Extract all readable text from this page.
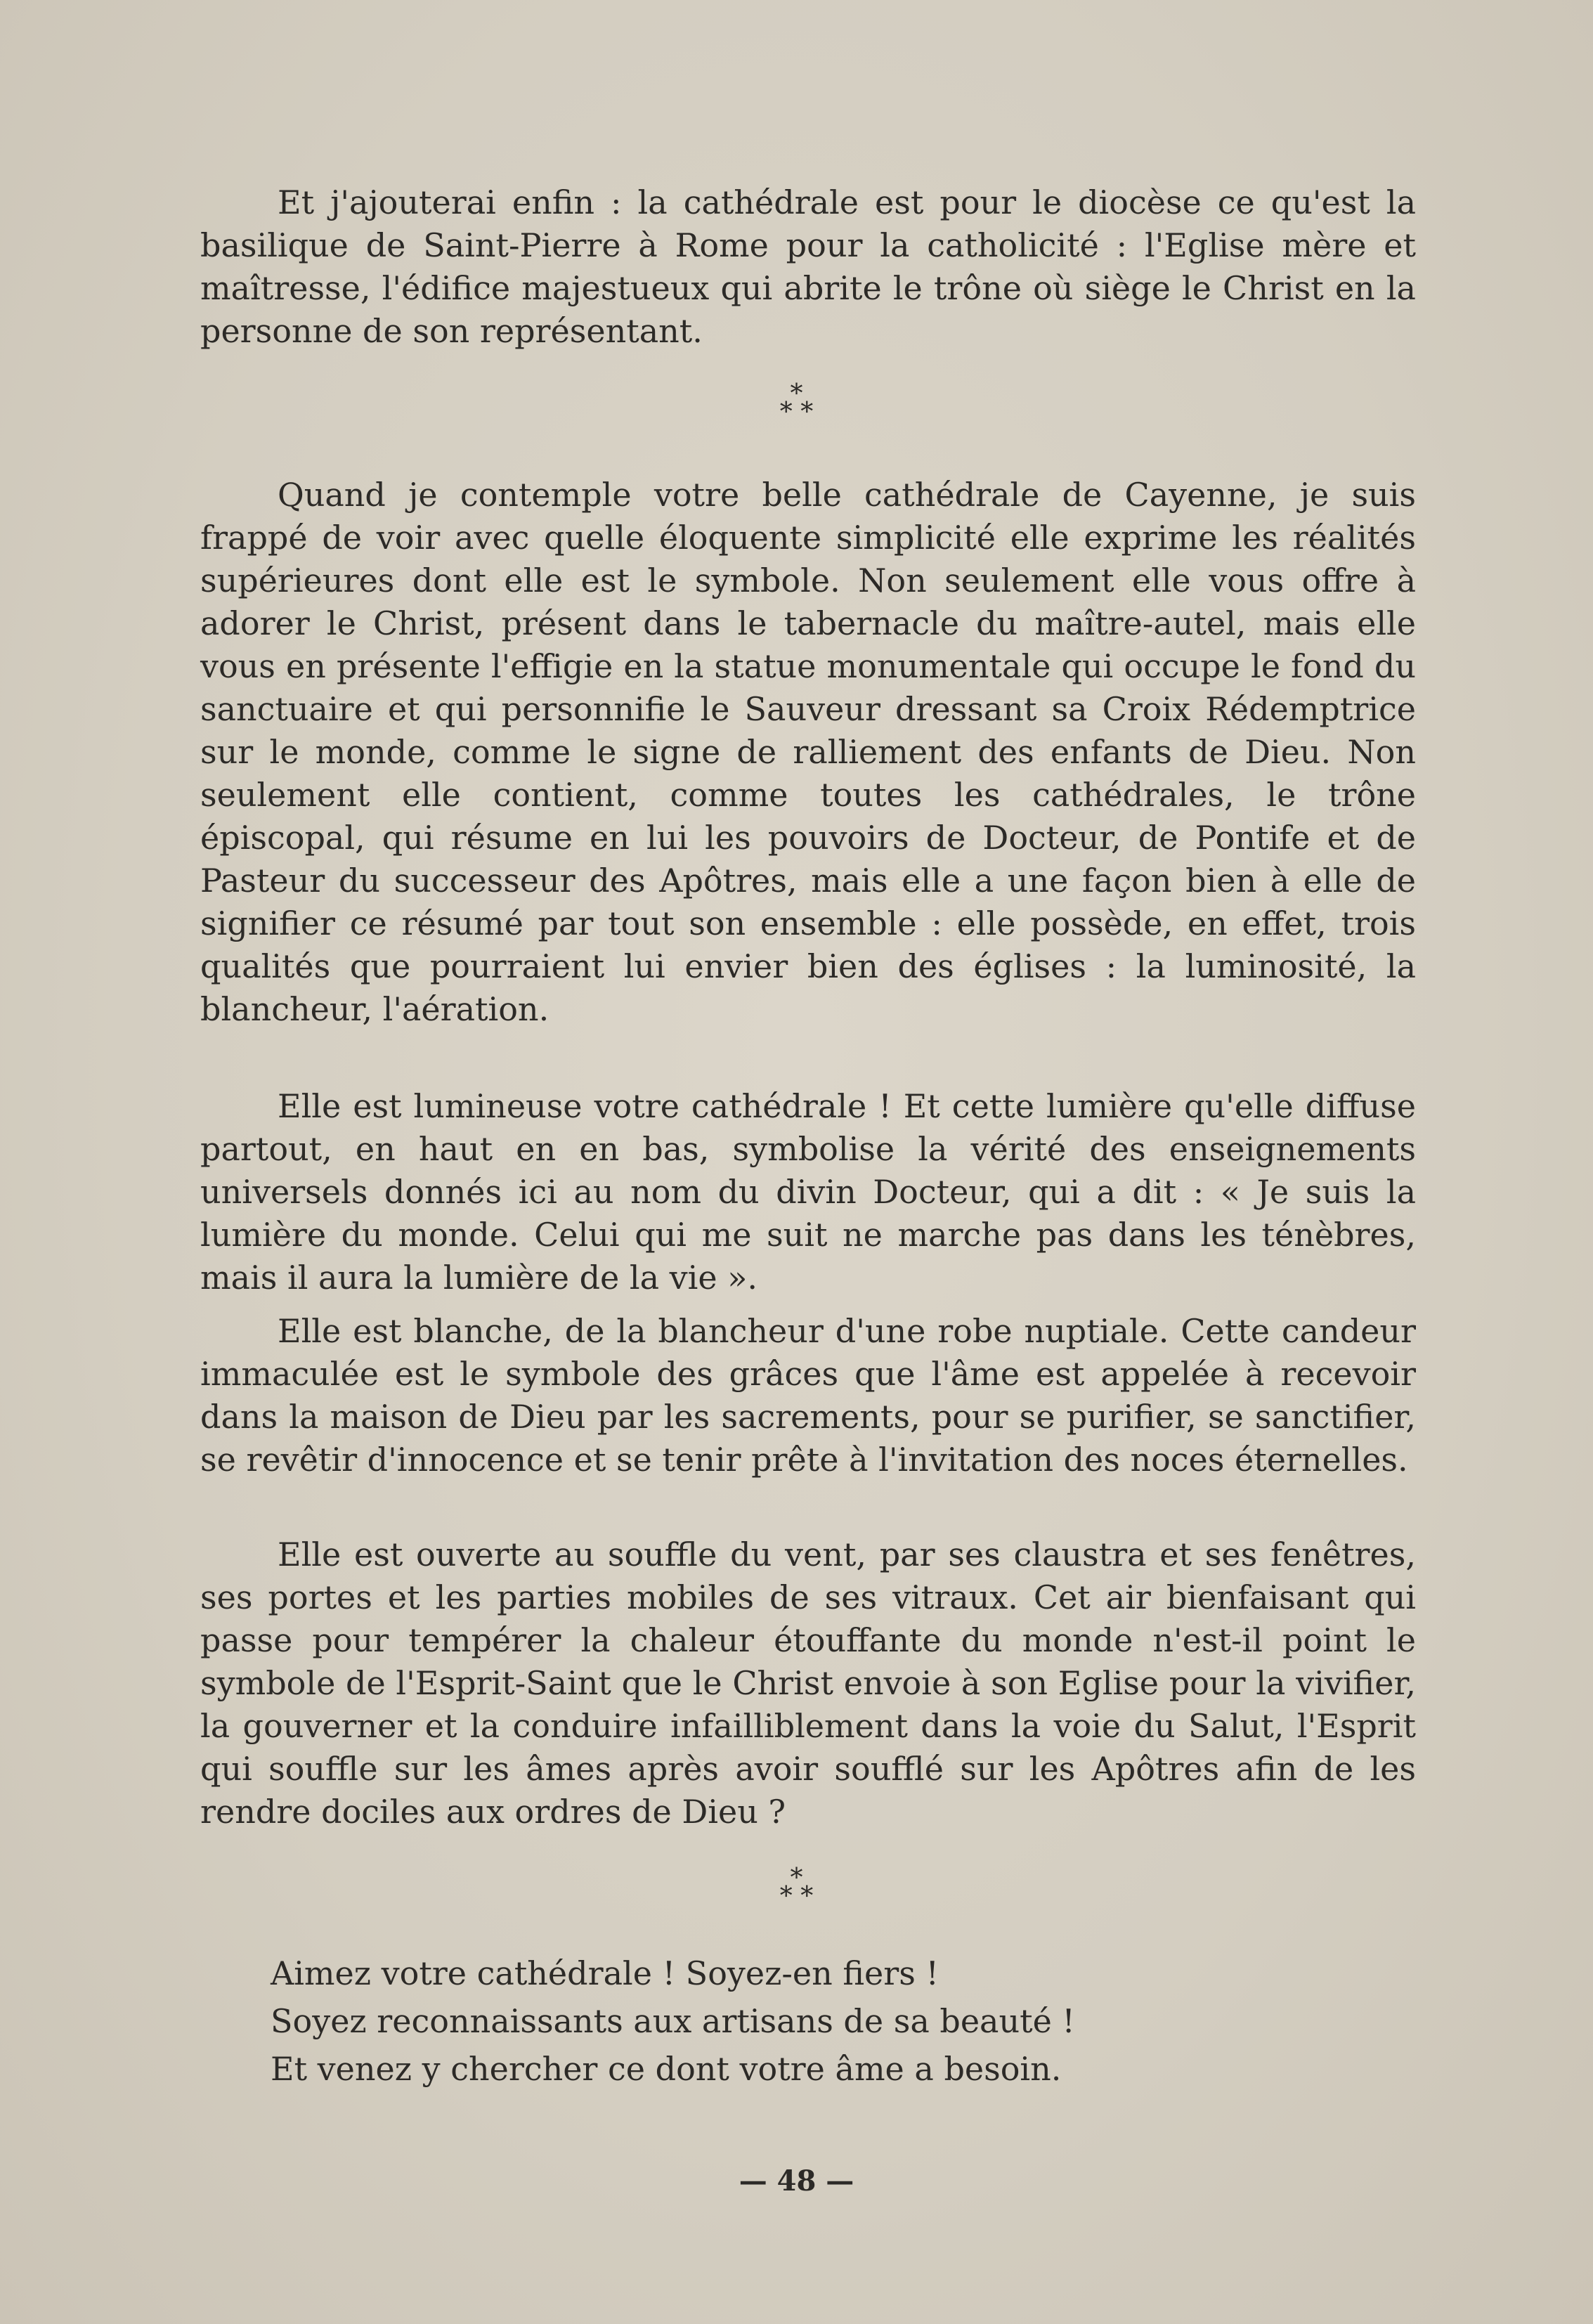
Et j'ajouterai enfin : la cathédrale est pour le diocèse ce qu'est la basilique de Saint-Pierre à Rome pour la catholicité : l'Eglise mère et maîtresse, l'édifice majestueux qui abrite le trône où siège le Christ en la personne de son représentant.

*
* *

Quand je contemple votre belle cathédrale de Cayenne, je suis frappé de voir avec quelle éloquente simplicité elle exprime les réalités supérieures dont elle est le symbole. Non seulement elle vous offre à adorer le Christ, présent dans le tabernacle du maître-autel, mais elle vous en présente l'effigie en la statue monumentale qui occupe le fond du sanctuaire et qui personnifie le Sauveur dressant sa Croix Rédemptrice sur le monde, comme le signe de ralliement des enfants de Dieu. Non seulement elle contient, comme toutes les cathédrales, le trône épiscopal, qui résume en lui les pouvoirs de Docteur, de Pontife et de Pasteur du successeur des Apôtres, mais elle a une façon bien à elle de signifier ce résumé par tout son ensemble : elle possède, en effet, trois qualités que pourraient lui envier bien des églises : la luminosité, la blancheur, l'aération.

Elle est lumineuse votre cathédrale ! Et cette lumière qu'elle diffuse partout, en haut en en bas, symbolise la vérité des enseignements universels donnés ici au nom du divin Docteur, qui a dit : « Je suis la lumière du monde. Celui qui me suit ne marche pas dans les ténèbres, mais il aura la lumière de la vie ».

Elle est blanche, de la blancheur d'une robe nuptiale. Cette candeur immaculée est le symbole des grâces que l'âme est appelée à recevoir dans la maison de Dieu par les sacrements, pour se purifier, se sanctifier, se revêtir d'innocence et se tenir prête à l'invitation des noces éternelles.

Elle est ouverte au souffle du vent, par ses claustra et ses fenêtres, ses portes et les parties mobiles de ses vitraux. Cet air bienfaisant qui passe pour tempérer la chaleur étouffante du monde n'est-il point le symbole de l'Esprit-Saint que le Christ envoie à son Eglise pour la vivifier, la gouverner et la conduire infailliblement dans la voie du Salut, l'Esprit qui souffle sur les âmes après avoir soufflé sur les Apôtres afin de les rendre dociles aux ordres de Dieu ?

*
* *

Aimez votre cathédrale ! Soyez-en fiers !

Soyez reconnaissants aux artisans de sa beauté !

Et venez y chercher ce dont votre âme a besoin.

— 48 —
